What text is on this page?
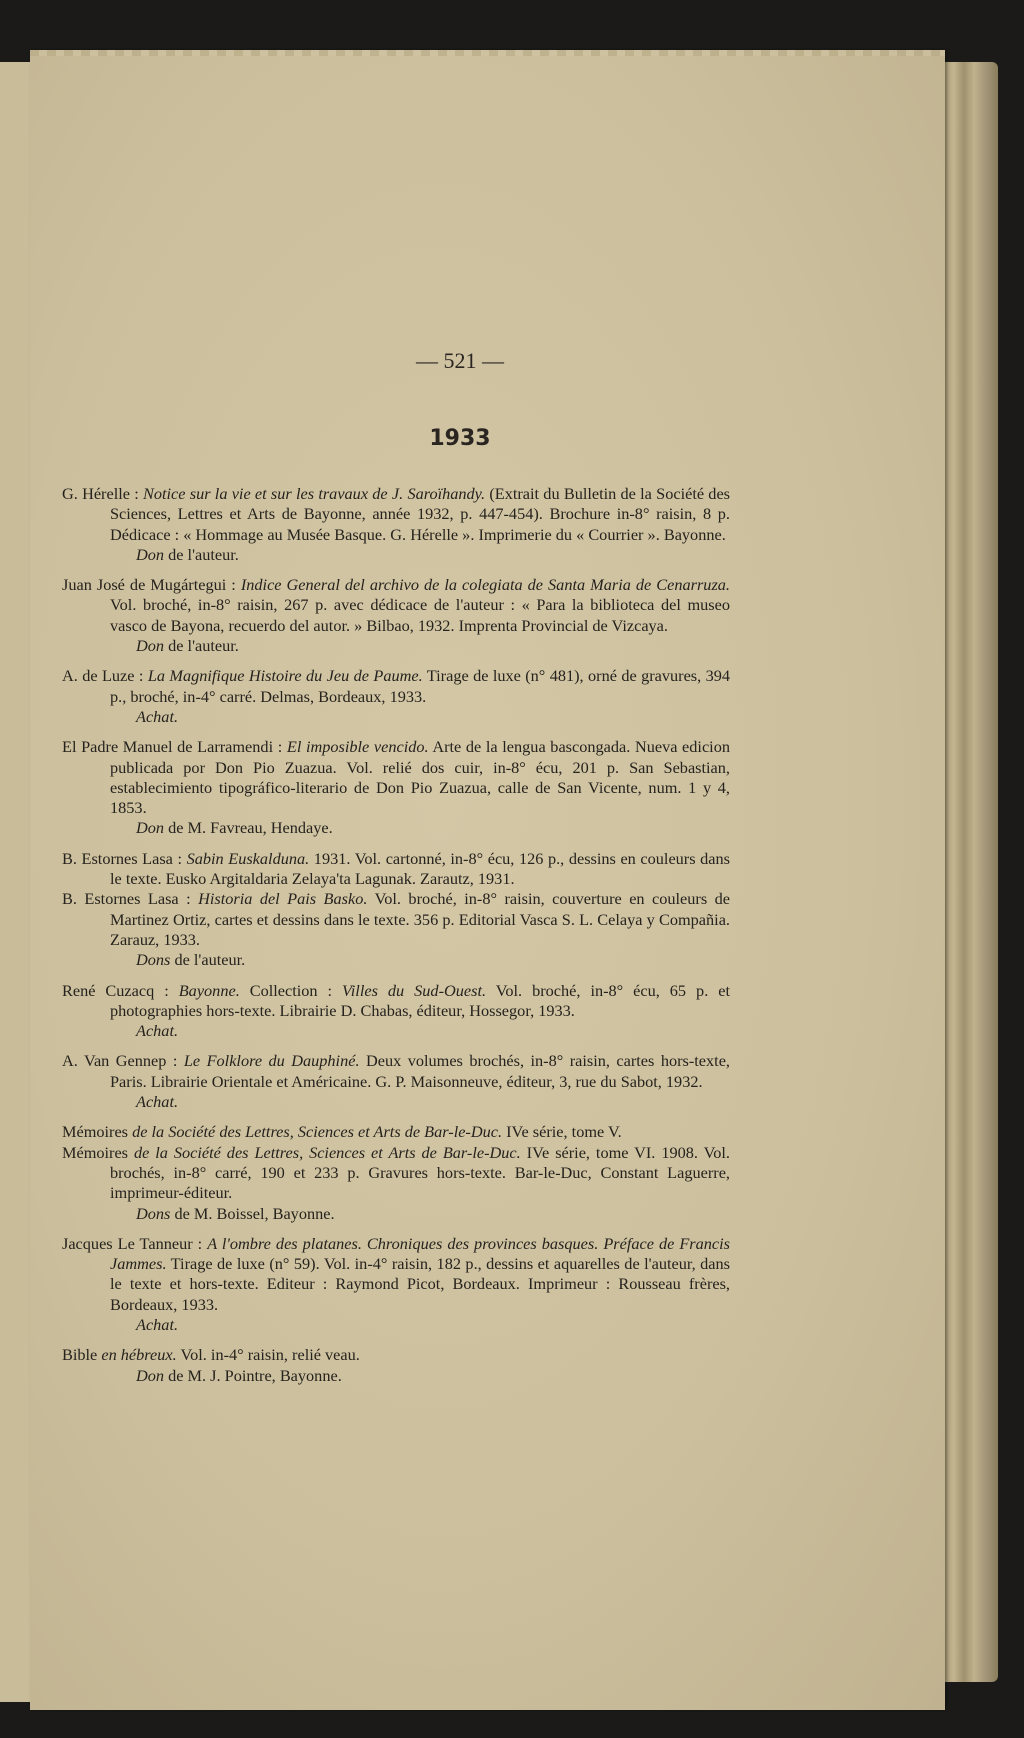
— 521 —
1933
G. Hérelle : Notice sur la vie et sur les travaux de J. Saroïhandy. (Extrait du Bulletin de la Société des Sciences, Lettres et Arts de Bayonne, année 1932, p. 447-454). Brochure in-8° raisin, 8 p. Dédicace : « Hommage au Musée Basque. G. Hérelle ». Imprimerie du « Courrier ». Bayonne.
Don de l'auteur.
Juan José de Mugártegui : Indice General del archivo de la colegiata de Santa Maria de Cenarruza. Vol. broché, in-8° raisin, 267 p. avec dédicace de l'auteur : « Para la biblioteca del museo vasco de Bayona, recuerdo del autor. » Bilbao, 1932. Imprenta Provincial de Vizcaya.
Don de l'auteur.
A. de Luze : La Magnifique Histoire du Jeu de Paume. Tirage de luxe (n° 481), orné de gravures, 394 p., broché, in-4° carré. Delmas, Bordeaux, 1933.
Achat.
El Padre Manuel de Larramendi : El imposible vencido. Arte de la lengua bascongada. Nueva edicion publicada por Don Pio Zuazua. Vol. relié dos cuir, in-8° écu, 201 p. San Sebastian, establecimiento tipográfico-literario de Don Pio Zuazua, calle de San Vicente, num. 1 y 4, 1853.
Don de M. Favreau, Hendaye.
B. Estornes Lasa : Sabin Euskalduna. 1931. Vol. cartonné, in-8° écu, 126 p., dessins en couleurs dans le texte. Eusko Argitaldaria Zelaya'ta Lagunak. Zarautz, 1931.
B. Estornes Lasa : Historia del Pais Basko. Vol. broché, in-8° raisin, couverture en couleurs de Martinez Ortiz, cartes et dessins dans le texte. 356 p. Editorial Vasca S. L. Celaya y Compañia. Zarauz, 1933.
Dons de l'auteur.
René Cuzacq : Bayonne. Collection : Villes du Sud-Ouest. Vol. broché, in-8° écu, 65 p. et photographies hors-texte. Librairie D. Chabas, éditeur, Hossegor, 1933.
Achat.
A. Van Gennep : Le Folklore du Dauphiné. Deux volumes brochés, in-8° raisin, cartes hors-texte, Paris. Librairie Orientale et Américaine. G. P. Maisonneuve, éditeur, 3, rue du Sabot, 1932.
Achat.
Mémoires de la Société des Lettres, Sciences et Arts de Bar-le-Duc. IVe série, tome V.
Mémoires de la Société des Lettres, Sciences et Arts de Bar-le-Duc. IVe série, tome VI. 1908. Vol. brochés, in-8° carré, 190 et 233 p. Gravures hors-texte. Bar-le-Duc, Constant Laguerre, imprimeur-éditeur.
Dons de M. Boissel, Bayonne.
Jacques Le Tanneur : A l'ombre des platanes. Chroniques des provinces basques. Préface de Francis Jammes. Tirage de luxe (n° 59). Vol. in-4° raisin, 182 p., dessins et aquarelles de l'auteur, dans le texte et hors-texte. Editeur : Raymond Picot, Bordeaux. Imprimeur : Rousseau frères, Bordeaux, 1933.
Achat.
Bible en hébreux. Vol. in-4° raisin, relié veau.
Don de M. J. Pointre, Bayonne.
